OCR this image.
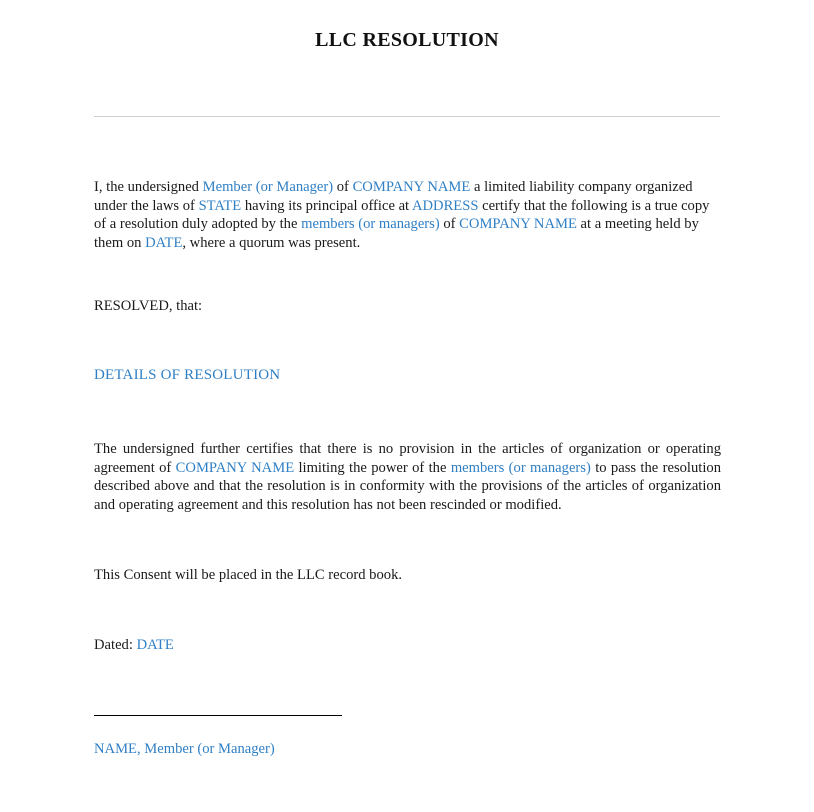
LLC RESOLUTION

I, the undersigned Member (or Manager) of COMPANY NAME a limited liability company organized under the laws of STATE having its principal office at ADDRESS certify that the following is a true copy of a resolution duly adopted by the members (or managers) of COMPANY NAME at a meeting held by them on DATE, where a quorum was present.

RESOLVED, that:
DETAILS OF RESOLUTION

The undersigned further certifies that there is no provision in the articles of organization or operating agreement of COMPANY NAME limiting the power of the members (or managers) to pass the resolution described above and that the resolution is in conformity with the provisions of the articles of organization and operating agreement and this resolution has not been rescinded or modified.

This Consent will be placed in the LLC record book.
Dated: DATE
NAME, Member (or Manager)
